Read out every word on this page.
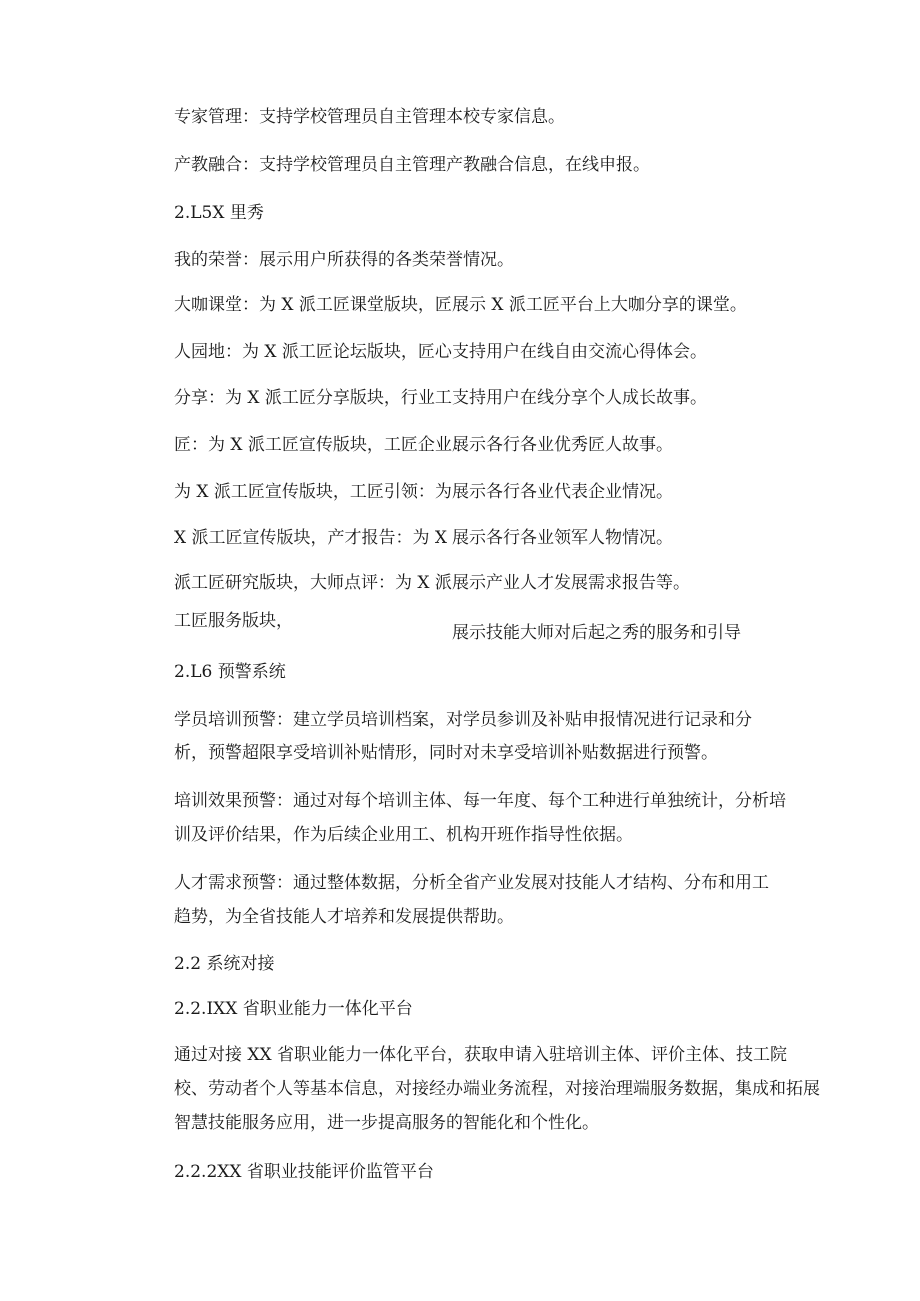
专家管理：支持学校管理员自主管理本校专家信息。

产教融合：支持学校管理员自主管理产教融合信息，在线申报。

2.L5X 里秀

我的荣誉：展示用户所获得的各类荣誉情况。

大咖课堂：为 X 派工匠课堂版块，匠 展示 X 派工匠平台上大咖分享的课堂。
人园地：为 X 派工匠论坛版块，匠心 支持用户在线自由交流心得体会。
分享：为 X 派工匠分享版块，行业工 支持用户在线分享个人成长故事。
匠：为 X 派工匠宣传版块，工匠企业：
展示各行各业优秀匠人故事。
为 X 派工匠宣传版块，工匠引领：为 展示各行各业代表企业情况。
X 派工匠宣传版块，产才报告：为 X 展示各行各业领军人物情况。
派工匠研究版块，大师点评：为 X 派 展示产业人才发展需求报告等。
工匠服务版块，
展示技能大师对后起之秀的服务和引导

2.L6 预警系统

学员培训预警：建立学员培训档案，对学员参训及补贴申报情况进行记录和分

析，预警超限享受培训补贴情形，同时对未享受培训补贴数据进行预警。

培训效果预警：通过对每个培训主体、每一年度、每个工种进行单独统计，分析培

训及评价结果，作为后续企业用工、机构开班作指导性依据。

人才需求预警：通过整体数据，分析全省产业发展对技能人才结构、分布和用工

趋势，为全省技能人才培养和发展提供帮助。

2.2 系统对接

2.2.IXX 省职业能力一体化平台

通过对接 XX 省职业能力一体化平台，获取申请入驻培训主体、评价主体、技工院

校、劳动者个人等基本信息，对接经办端业务流程，对接治理端服务数据，集成和拓展

智慧技能服务应用，进一步提高服务的智能化和个性化。

2.2.2XX 省职业技能评价监管平台
